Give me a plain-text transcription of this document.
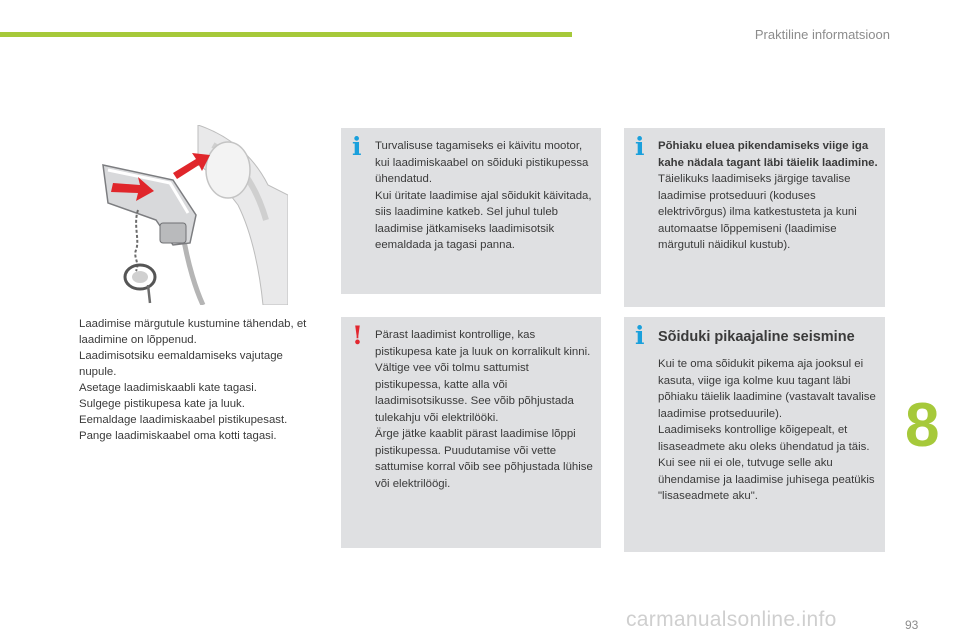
Praktiline informatsioon
Laadimise märgutule kustumine tähendab, et laadimine on lõppenud.
Laadimisotsiku eemaldamiseks vajutage nupule.
Asetage laadimiskaabli kate tagasi.
Sulgege pistikupesa kate ja luuk.
Eemaldage laadimiskaabel pistikupesast.
Pange laadimiskaabel oma kotti tagasi.
i Turvalisuse tagamiseks ei käivitu mootor, kui laadimiskaabel on sõiduki pistikupessa ühendatud.

Kui üritate laadimise ajal sõidukit käivitada, siis laadimine katkeb. Sel juhul tuleb laadimise jätkamiseks laadimisotsik eemaldada ja tagasi panna.

i Põhiaku eluea pikendamiseks viige iga kahe nädala tagant läbi täielik laadimine.

Täielikuks laadimiseks järgige tavalise laadimise protseduuri (koduses elektrivõrgus) ilma katkestusteta ja kuni automaatse lõppemiseni (laadimise märgutuli näidikul kustub).

! Pärast laadimist kontrollige, kas pistikupesa kate ja luuk on korralikult kinni.

Vältige vee või tolmu sattumist pistikupessa, katte alla või laadimisotsikusse. See võib põhjustada tulekahju või elektrilööki.

Ärge jätke kaablit pärast laadimise lõppi pistikupessa. Puudutamise või vette sattumise korral võib see põhjustada lühise või elektrilöögi.

i Sõiduki pikaajaline seismine

Kui te oma sõidukit pikema aja jooksul ei kasuta, viige iga kolme kuu tagant läbi põhiaku täielik laadimine (vastavalt tavalise laadimise protseduurile).

Laadimiseks kontrollige kõigepealt, et lisaseadmete aku oleks ühendatud ja täis. Kui see nii ei ole, tutvuge selle aku ühendamise ja laadimise juhisega peatükis "lisaseadmete aku".

8
93
carmanualsonline.info
